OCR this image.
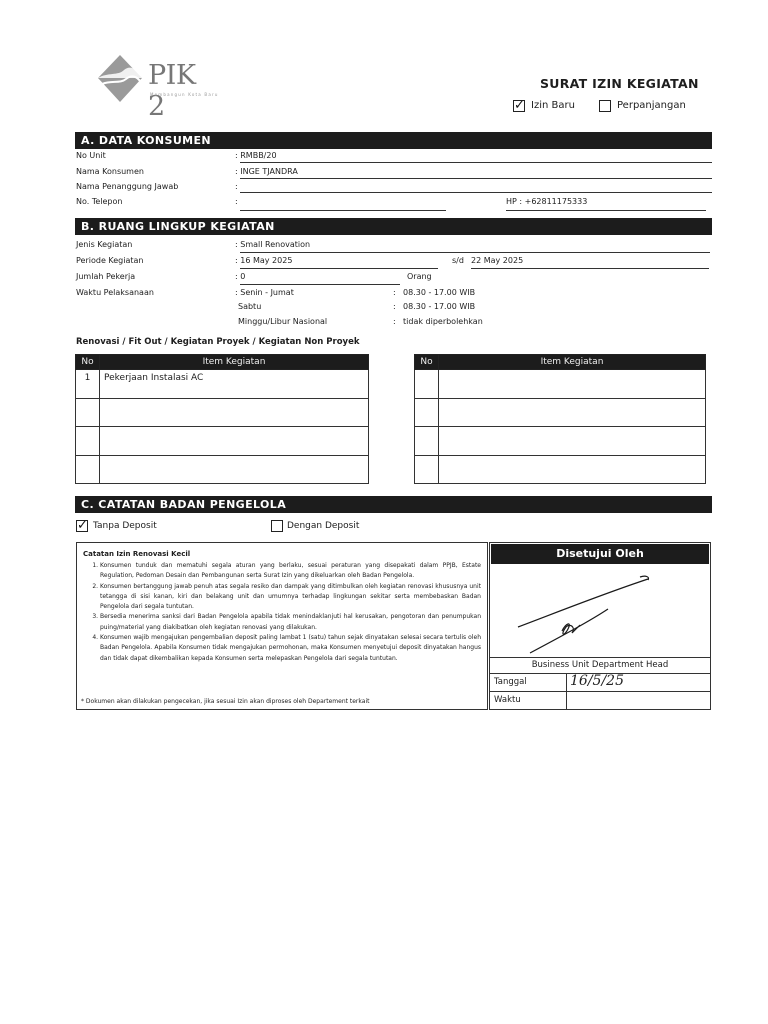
PIK 2
Membangun Kota Baru
SURAT IZIN KEGIATAN
✓ Izin Baru	Perpanjangan
A. DATA KONSUMEN
No Unit	: RMBB/20
Nama Konsumen	: INGE TJANDRA
Nama Penanggung Jawab	:
No. Telepon	:	HP : +62811175333
B. RUANG LINGKUP KEGIATAN
Jenis Kegiatan	: Small Renovation
Periode Kegiatan	: 16 May 2025	s/d 22 May 2025
Jumlah Pekerja	: 0	Orang
Waktu Pelaksanaan	: Senin - Jumat	: 08.30 - 17.00 WIB
Sabtu	: 08.30 - 17.00 WIB
Minggu/Libur Nasional	: tidak diperbolehkan
Renovasi / Fit Out / Kegiatan Proyek / Kegiatan Non Proyek
No	Item Kegiatan
1	Pekerjaan Instalasi AC

No	Item Kegiatan

C. CATATAN BADAN PENGELOLA
✓ Tanpa Deposit	Dengan Deposit
Catatan Izin Renovasi Kecil
1. Konsumen tunduk dan mematuhi segala aturan yang berlaku, sesuai peraturan yang disepakati dalam PPJB, Estate Regulation, Pedoman Desain dan Pembangunan serta Surat Izin yang dikeluarkan oleh Badan Pengelola.
2. Konsumen bertanggung jawab penuh atas segala resiko dan dampak yang ditimbulkan oleh kegiatan renovasi khususnya unit tetangga di sisi kanan, kiri dan belakang unit dan umumnya terhadap lingkungan sekitar serta membebaskan Badan Pengelola dari segala tuntutan.
3. Bersedia menerima sanksi dari Badan Pengelola apabila tidak menindaklanjuti hal kerusakan, pengotoran dan penumpukan puing/material yang diakibatkan oleh kegiatan renovasi yang dilakukan.
4. Konsumen wajib mengajukan pengembalian deposit paling lambat 1 (satu) tahun sejak dinyatakan selesai secara tertulis oleh Badan Pengelola. Apabila Konsumen tidak mengajukan permohonan, maka Konsumen menyetujui deposit dinyatakan hangus dan tidak dapat dikembalikan kepada Konsumen serta melepaskan Pengelola dari segala tuntutan.
* Dokumen akan dilakukan pengecekan, jika sesuai Izin akan diproses oleh Departement terkait
Disetujui Oleh
Business Unit Department Head
Tanggal	16/5/25
Waktu
